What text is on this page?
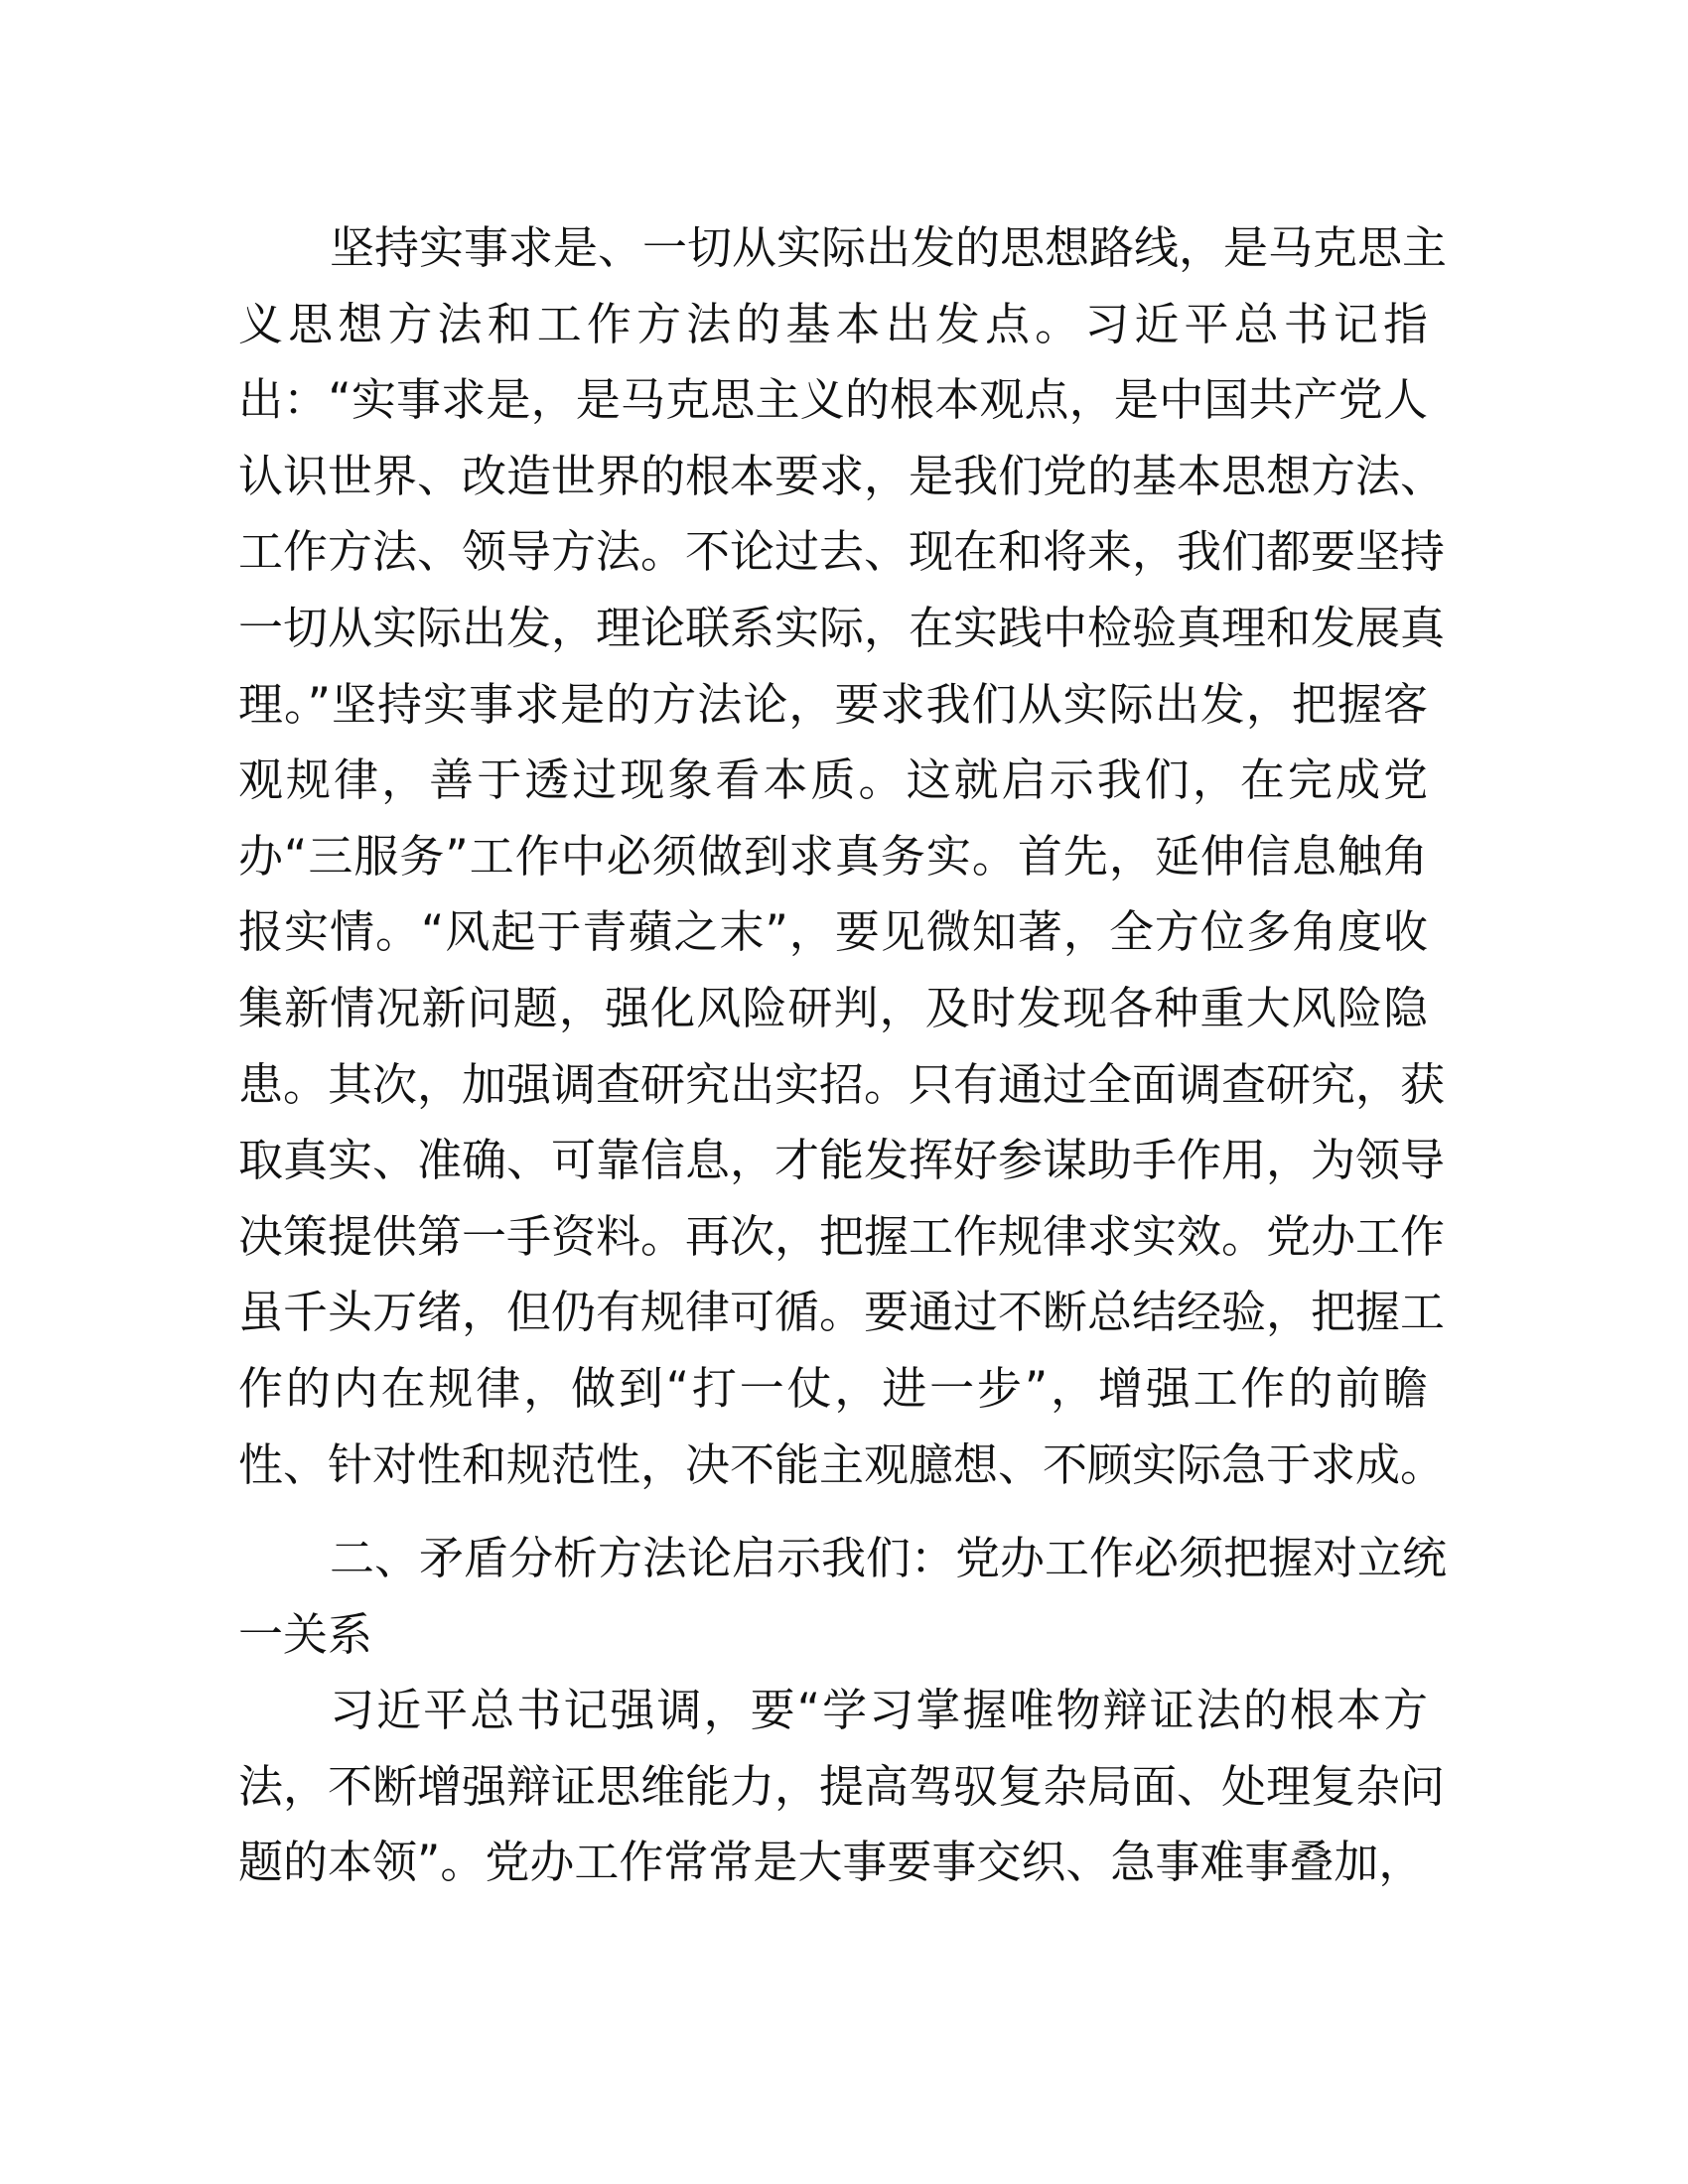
坚持实事求是、一切从实际出发的思想路线，是马克思主
义思想方法和工作方法的基本出发点。习近平总书记指
出：“实事求是，是马克思主义的根本观点，是中国共产党人
认识世界、改造世界的根本要求，是我们党的基本思想方法、
工作方法、领导方法。不论过去、现在和将来，我们都要坚持
一切从实际出发，理论联系实际，在实践中检验真理和发展真
理。”坚持实事求是的方法论，要求我们从实际出发，把握客
观规律，善于透过现象看本质。这就启示我们，在完成党
办“三服务”工作中必须做到求真务实。首先，延伸信息触角
报实情。“风起于青蘋之末”，要见微知著，全方位多角度收
集新情况新问题，强化风险研判，及时发现各种重大风险隐
患。其次，加强调查研究出实招。只有通过全面调查研究，获
取真实、准确、可靠信息，才能发挥好参谋助手作用，为领导
决策提供第一手资料。再次，把握工作规律求实效。党办工作
虽千头万绪，但仍有规律可循。要通过不断总结经验，把握工
作的内在规律，做到“打一仗，进一步”，增强工作的前瞻
性、针对性和规范性，决不能主观臆想、不顾实际急于求成。
二、矛盾分析方法论启示我们：党办工作必须把握对立统
一关系
习近平总书记强调，要“学习掌握唯物辩证法的根本方
法，不断增强辩证思维能力，提高驾驭复杂局面、处理复杂问
题的本领”。党办工作常常是大事要事交织、急事难事叠加，
